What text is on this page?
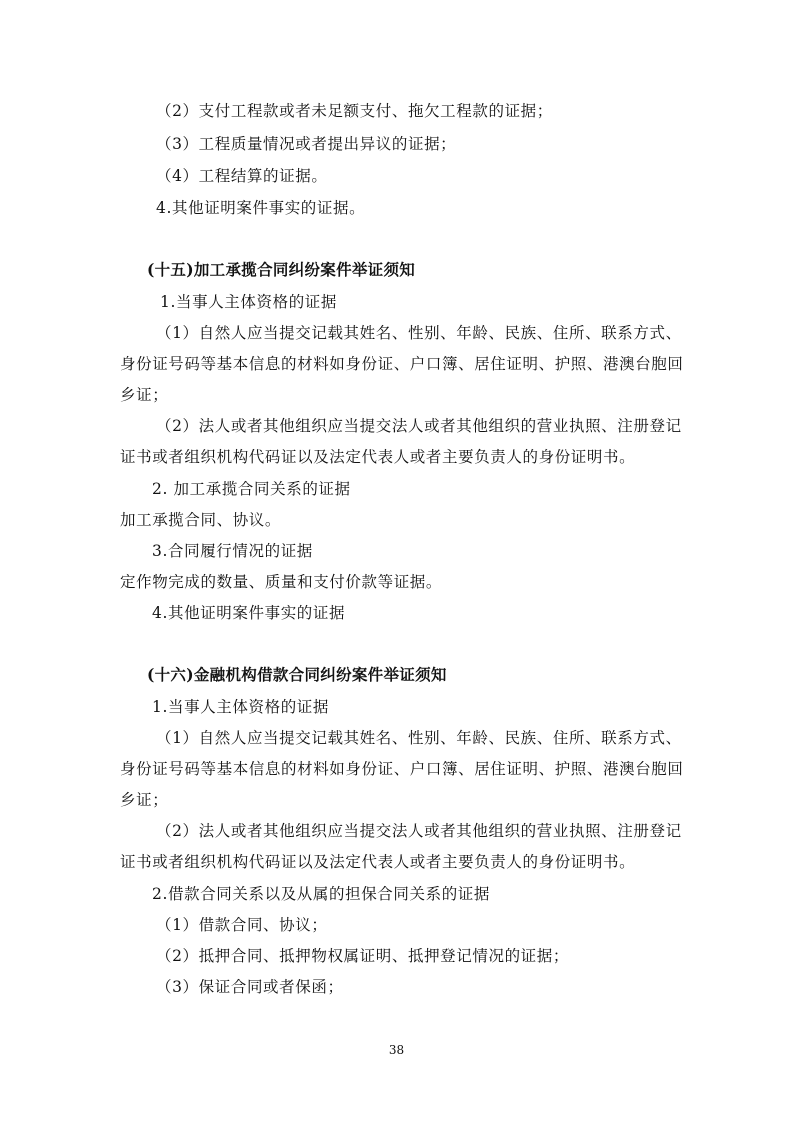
（2）支付工程款或者未足额支付、拖欠工程款的证据；
（3）工程质量情况或者提出异议的证据；
（4）工程结算的证据。
4.其他证明案件事实的证据。
(十五)加工承揽合同纠纷案件举证须知
1.当事人主体资格的证据
（1）自然人应当提交记载其姓名、性别、年龄、民族、住所、联系方式、
身份证号码等基本信息的材料如身份证、户口簿、居住证明、护照、港澳台胞回
乡证；
（2）法人或者其他组织应当提交法人或者其他组织的营业执照、注册登记
证书或者组织机构代码证以及法定代表人或者主要负责人的身份证明书。
2. 加工承揽合同关系的证据
加工承揽合同、协议。
3.合同履行情况的证据
定作物完成的数量、质量和支付价款等证据。
4.其他证明案件事实的证据
(十六)金融机构借款合同纠纷案件举证须知
1.当事人主体资格的证据
（1）自然人应当提交记载其姓名、性别、年龄、民族、住所、联系方式、
身份证号码等基本信息的材料如身份证、户口簿、居住证明、护照、港澳台胞回
乡证；
（2）法人或者其他组织应当提交法人或者其他组织的营业执照、注册登记
证书或者组织机构代码证以及法定代表人或者主要负责人的身份证明书。
2.借款合同关系以及从属的担保合同关系的证据
（1）借款合同、协议；
（2）抵押合同、抵押物权属证明、抵押登记情况的证据；
（3）保证合同或者保函；
38
